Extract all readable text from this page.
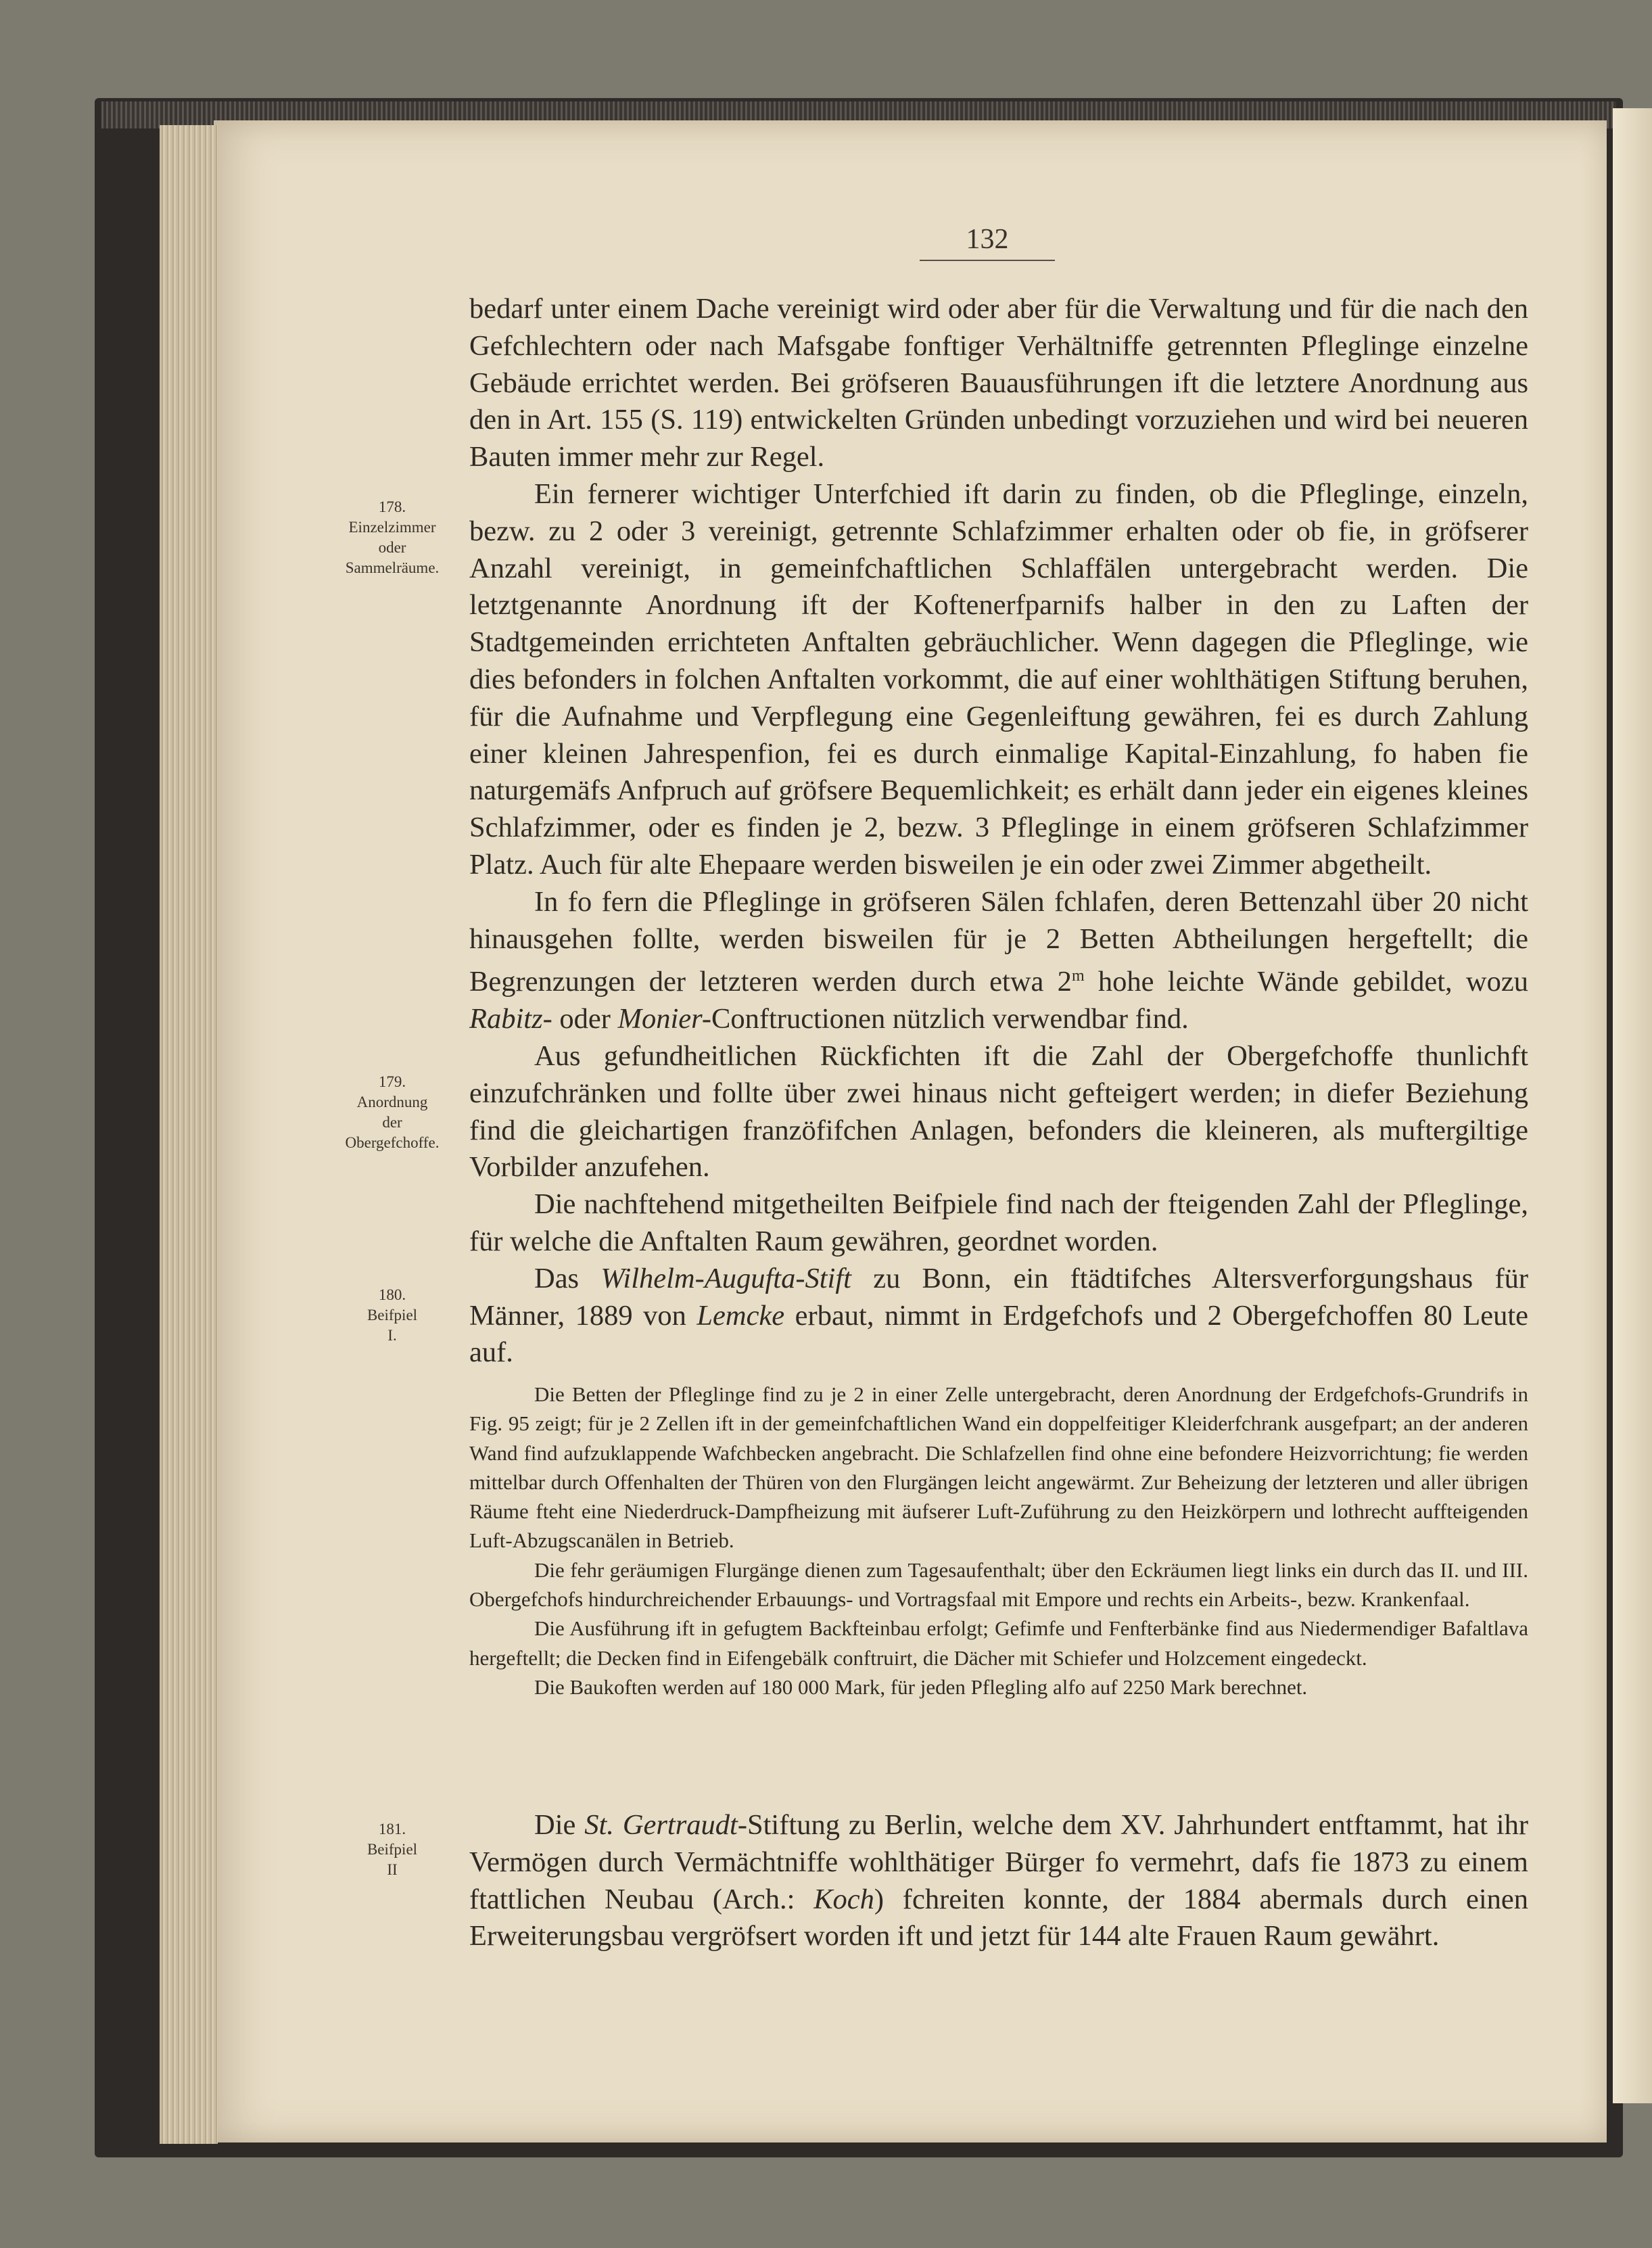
132
178.
Einzelzimmer
oder
Sammelräume.
179.
Anordnung
der
Obergefchoffe.
180.
Beifpiel
I.
181.
Beifpiel
II

bedarf unter einem Dache vereinigt wird oder aber für die Verwaltung und für die nach den Gefchlechtern oder nach Mafsgabe fonftiger Verhältniffe getrennten Pfleglinge einzelne Gebäude errichtet werden. Bei gröfseren Bauausführungen ift die letztere Anordnung aus den in Art. 155 (S. 119) entwickelten Gründen unbedingt vorzuziehen und wird bei neueren Bauten immer mehr zur Regel.

Ein fernerer wichtiger Unterfchied ift darin zu finden, ob die Pfleglinge, einzeln, bezw. zu 2 oder 3 vereinigt, getrennte Schlafzimmer erhalten oder ob fie, in gröfserer Anzahl vereinigt, in gemeinfchaftlichen Schlaffälen untergebracht werden. Die letztgenannte Anordnung ift der Koftenerfparnifs halber in den zu Laften der Stadtgemeinden errichteten Anftalten gebräuchlicher. Wenn dagegen die Pfleglinge, wie dies befonders in folchen Anftalten vorkommt, die auf einer wohlthätigen Stiftung beruhen, für die Aufnahme und Verpflegung eine Gegenleiftung gewähren, fei es durch Zahlung einer kleinen Jahrespenfion, fei es durch einmalige Kapital-Einzahlung, fo haben fie naturgemäfs Anfpruch auf gröfsere Bequemlichkeit; es erhält dann jeder ein eigenes kleines Schlafzimmer, oder es finden je 2, bezw. 3 Pfleglinge in einem gröfseren Schlafzimmer Platz. Auch für alte Ehepaare werden bisweilen je ein oder zwei Zimmer abgetheilt.

In fo fern die Pfleglinge in gröfseren Sälen fchlafen, deren Bettenzahl über 20 nicht hinausgehen follte, werden bisweilen für je 2 Betten Abtheilungen hergeftellt; die Begrenzungen der letzteren werden durch etwa 2$^m$ hohe leichte Wände gebildet, wozu Rabitz- oder Monier-Conftructionen nützlich verwendbar find.

Aus gefundheitlichen Rückfichten ift die Zahl der Obergefchoffe thunlichft einzufchränken und follte über zwei hinaus nicht gefteigert werden; in diefer Beziehung find die gleichartigen franzöfifchen Anlagen, befonders die kleineren, als muftergiltige Vorbilder anzufehen.

Die nachftehend mitgetheilten Beifpiele find nach der fteigenden Zahl der Pfleglinge, für welche die Anftalten Raum gewähren, geordnet worden.

Das Wilhelm-Augufta-Stift zu Bonn, ein ftädtifches Altersverforgungshaus für Männer, 1889 von Lemcke erbaut, nimmt in Erdgefchofs und 2 Obergefchoffen 80 Leute auf.

Die Betten der Pfleglinge find zu je 2 in einer Zelle untergebracht, deren Anordnung der Erdgefchofs-Grundrifs in Fig. 95 zeigt; für je 2 Zellen ift in der gemeinfchaftlichen Wand ein doppelfeitiger Kleiderfchrank ausgefpart; an der anderen Wand find aufzuklappende Wafchbecken angebracht. Die Schlafzellen find ohne eine befondere Heizvorrichtung; fie werden mittelbar durch Offenhalten der Thüren von den Flurgängen leicht angewärmt. Zur Beheizung der letzteren und aller übrigen Räume fteht eine Niederdruck-Dampfheizung mit äufserer Luft-Zuführung zu den Heizkörpern und lothrecht auffteigenden Luft-Abzugscanälen in Betrieb.

Die fehr geräumigen Flurgänge dienen zum Tagesaufenthalt; über den Eckräumen liegt links ein durch das II. und III. Obergefchofs hindurchreichender Erbauungs- und Vortragsfaal mit Empore und rechts ein Arbeits-, bezw. Krankenfaal.

Die Ausführung ift in gefugtem Backfteinbau erfolgt; Gefimfe und Fenfterbänke find aus Niedermendiger Bafaltlava hergeftellt; die Decken find in Eifengebälk conftruirt, die Dächer mit Schiefer und Holzcement eingedeckt.

Die Baukoften werden auf 180 000 Mark, für jeden Pflegling alfo auf 2250 Mark berechnet.

Die St. Gertraudt-Stiftung zu Berlin, welche dem XV. Jahrhundert entftammt, hat ihr Vermögen durch Vermächtniffe wohlthätiger Bürger fo vermehrt, dafs fie 1873 zu einem ftattlichen Neubau (Arch.: Koch) fchreiten konnte, der 1884 abermals durch einen Erweiterungsbau vergröfsert worden ift und jetzt für 144 alte Frauen Raum gewährt.
